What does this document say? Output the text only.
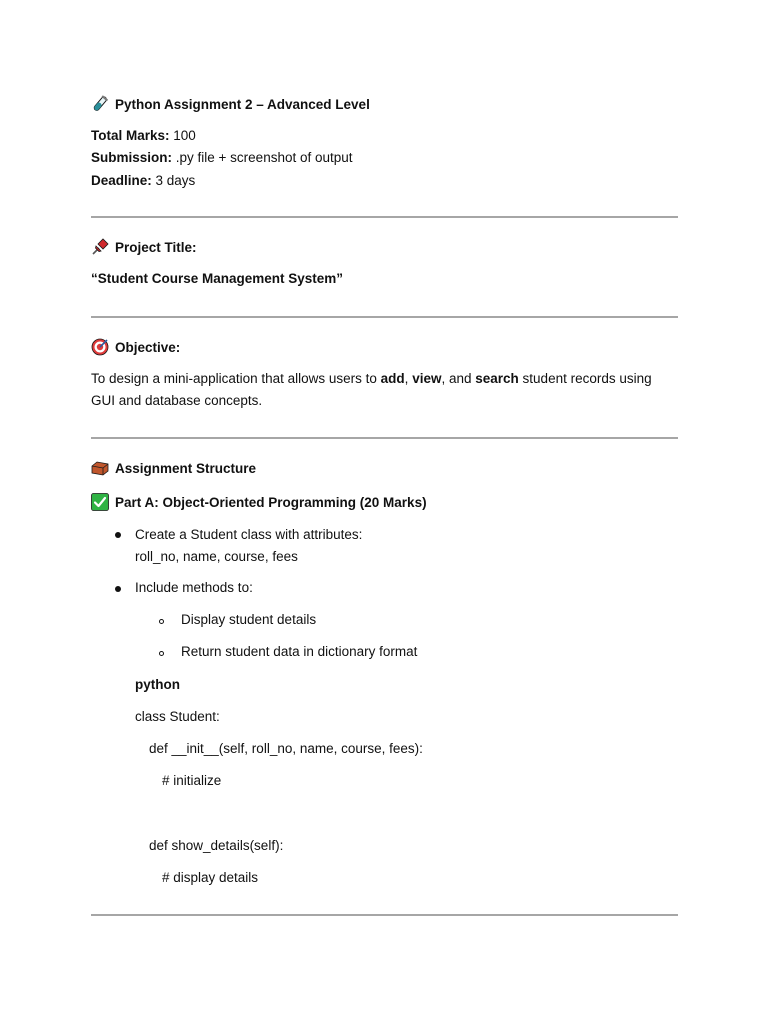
Python Assignment 2 – Advanced Level
Total Marks: 100
Submission: .py file + screenshot of output
Deadline: 3 days
Project Title:
“Student Course Management System”
Objective:
To design a mini-application that allows users to add, view, and search student records using
GUI and database concepts.
Assignment Structure
Part A: Object-Oriented Programming (20 Marks)
Create a Student class with attributes:
roll_no, name, course, fees
Include methods to:
Display student details
Return student data in dictionary format
python
class Student:
def __init__(self, roll_no, name, course, fees):
# initialize
def show_details(self):
# display details
